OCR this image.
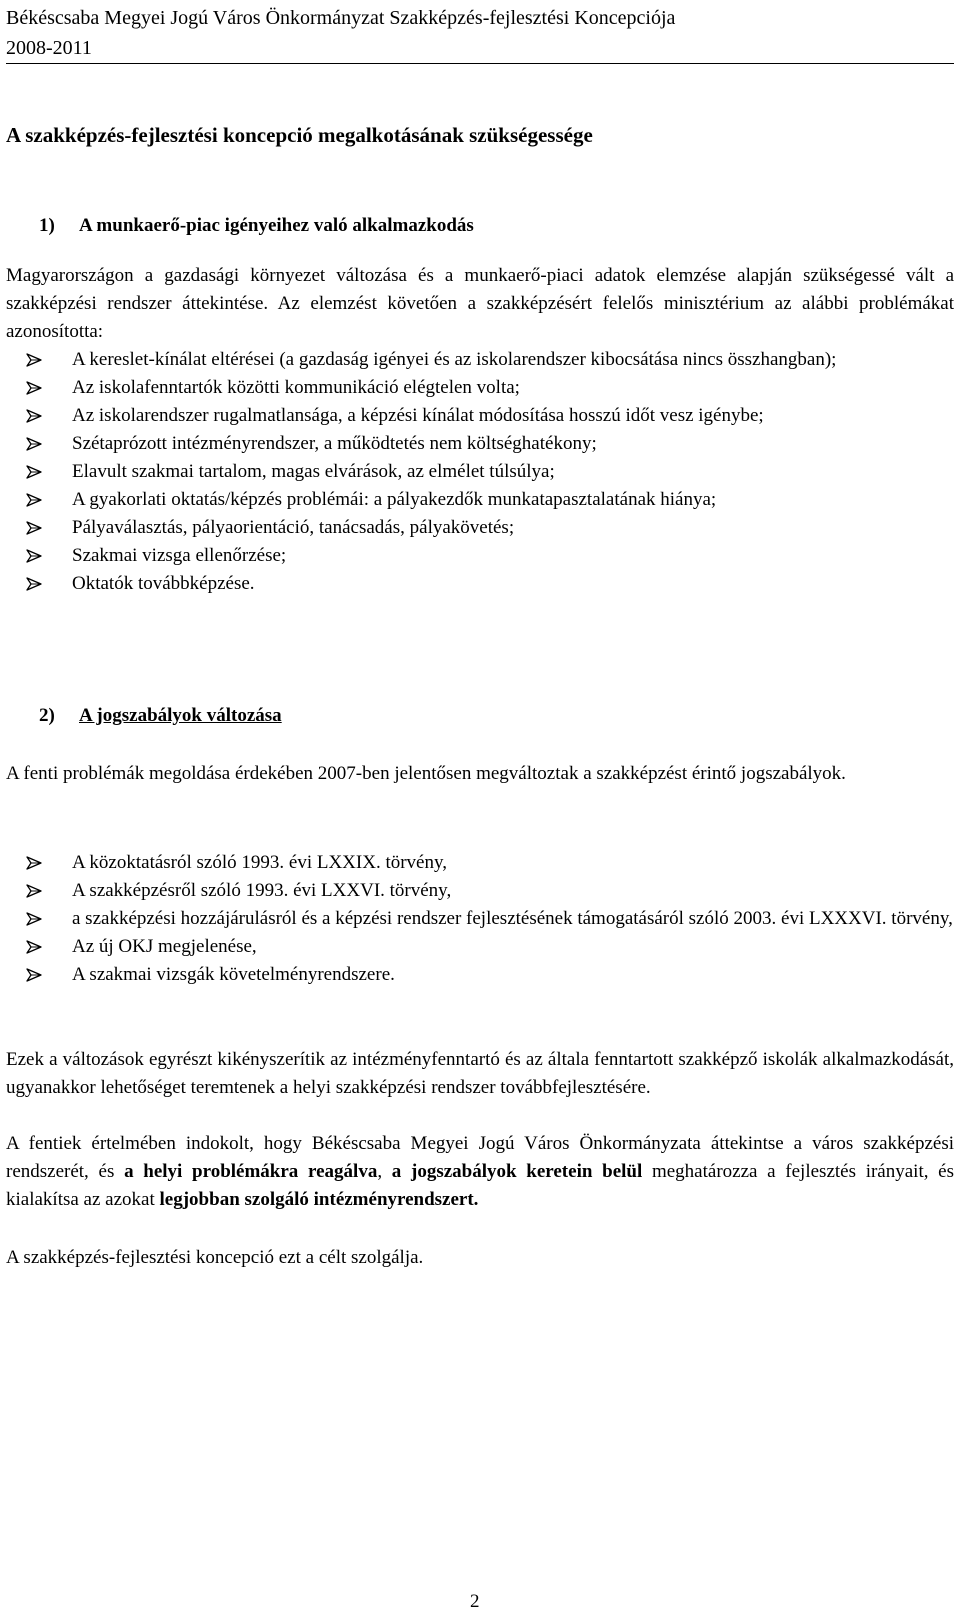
Békéscsaba Megyei Jogú Város Önkormányzat Szakképzés-fejlesztési Koncepciója
2008-2011
A szakképzés-fejlesztési koncepció megalkotásának szükségessége
1) A munkaerő-piac igényeihez való alkalmazkodás

Magyarországon a gazdasági környezet változása és a munkaerő-piaci adatok elemzése alapján szükségessé vált a szakképzési rendszer áttekintése. Az elemzést követően a szakképzésért felelős minisztérium az alábbi problémákat azonosította:

A kereslet-kínálat eltérései (a gazdaság igényei és az iskolarendszer kibocsátása nincs összhangban);
Az iskolafenntartók közötti kommunikáció elégtelen volta;
Az iskolarendszer rugalmatlansága, a képzési kínálat módosítása hosszú időt vesz igénybe;
Szétaprózott intézményrendszer, a működtetés nem költséghatékony;
Elavult szakmai tartalom, magas elvárások, az elmélet túlsúlya;
A gyakorlati oktatás/képzés problémái: a pályakezdők munkatapasztalatának hiánya;
Pályaválasztás, pályaorientáció, tanácsadás, pályakövetés;
Szakmai vizsga ellenőrzése;
Oktatók továbbképzése.
2) A jogszabályok változása

A fenti problémák megoldása érdekében 2007-ben jelentősen megváltoztak a szakképzést érintő jogszabályok.

A közoktatásról szóló 1993. évi LXXIX. törvény,
A szakképzésről szóló 1993. évi LXXVI. törvény,
a szakképzési hozzájárulásról és a képzési rendszer fejlesztésének támogatásáról szóló 2003. évi LXXXVI. törvény,
Az új OKJ megjelenése,
A szakmai vizsgák követelményrendszere.

Ezek a változások egyrészt kikényszerítik az intézményfenntartó és az általa fenntartott szakképző iskolák alkalmazkodását, ugyanakkor lehetőséget teremtenek a helyi szakképzési rendszer továbbfejlesztésére.

A fentiek értelmében indokolt, hogy Békéscsaba Megyei Jogú Város Önkormányzata áttekintse a város szakképzési rendszerét, és a helyi problémákra reagálva, a jogszabályok keretein belül meghatározza a fejlesztés irányait, és kialakítsa az azokat legjobban szolgáló intézményrendszert.

A szakképzés-fejlesztési koncepció ezt a célt szolgálja.

2
